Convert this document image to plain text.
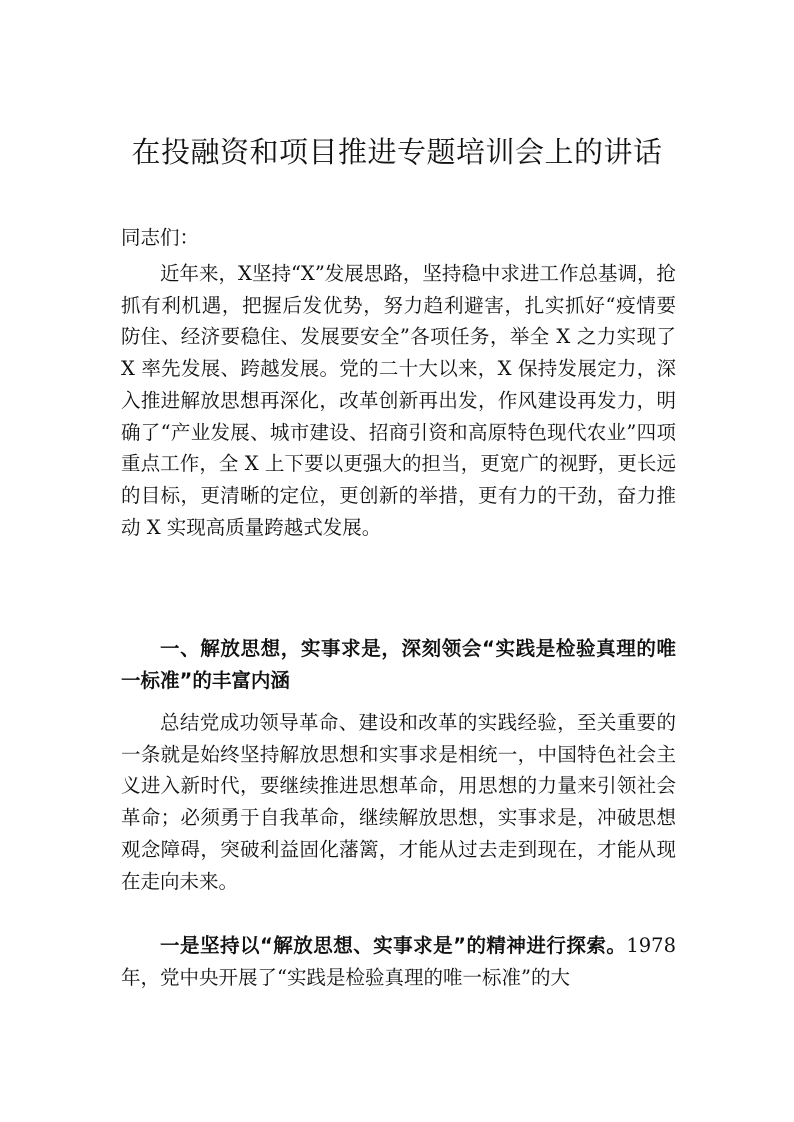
在投融资和项目推进专题培训会上的讲话
同志们：

近年来，X坚持“X”发展思路，坚持稳中求进工作总基调，抢抓有利机遇，把握后发优势，努力趋利避害，扎实抓好“疫情要防住、经济要稳住、发展要安全”各项任务，举全 X 之力实现了 X 率先发展、跨越发展。党的二十大以来，X 保持发展定力，深入推进解放思想再深化，改革创新再出发，作风建设再发力，明确了“产业发展、城市建设、招商引资和高原特色现代农业”四项重点工作，全 X 上下要以更强大的担当，更宽广的视野，更长远的目标，更清晰的定位，更创新的举措，更有力的干劲，奋力推动 X 实现高质量跨越式发展。

一、解放思想，实事求是，深刻领会“实践是检验真理的唯一标准”的丰富内涵

总结党成功领导革命、建设和改革的实践经验，至关重要的一条就是始终坚持解放思想和实事求是相统一，中国特色社会主义进入新时代，要继续推进思想革命，用思想的力量来引领社会革命；必须勇于自我革命，继续解放思想，实事求是，冲破思想观念障碍，突破利益固化藩篱，才能从过去走到现在，才能从现在走向未来。

一是坚持以“解放思想、实事求是”的精神进行探索。1978 年，党中央开展了“实践是检验真理的唯一标准”的大
